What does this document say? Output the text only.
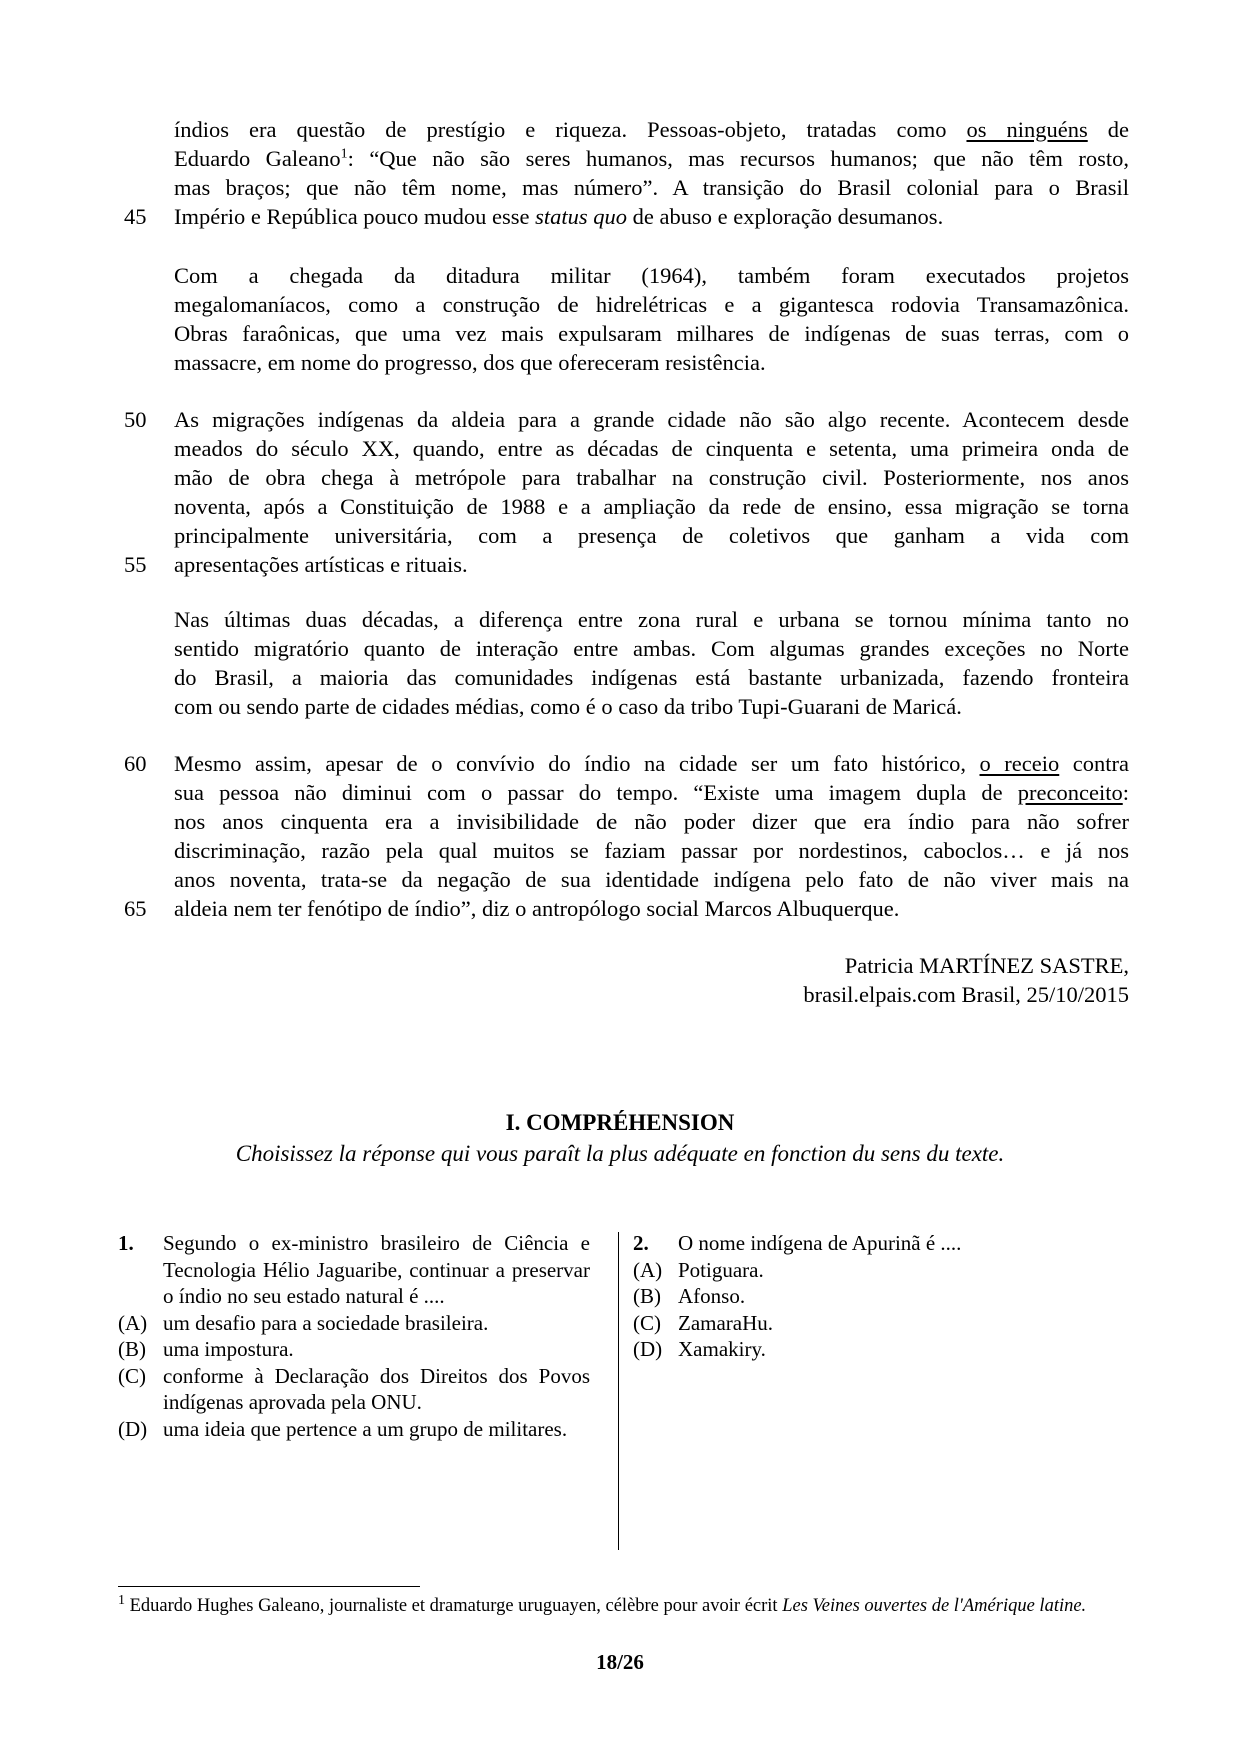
índios era questão de prestígio e riqueza. Pessoas-objeto, tratadas como os ninguéns de
Eduardo Galeano$^1$: “Que não são seres humanos, mas recursos humanos; que não têm rosto,
mas braços; que não têm nome, mas número”. A transição do Brasil colonial para o Brasil
Império e República pouco mudou esse status quo de abuso e exploração desumanos.
Com a chegada da ditadura militar (1964), também foram executados projetos
megalomaníacos, como a construção de hidrelétricas e a gigantesca rodovia Transamazônica.
Obras faraônicas, que uma vez mais expulsaram milhares de indígenas de suas terras, com o
massacre, em nome do progresso, dos que ofereceram resistência.
As migrações indígenas da aldeia para a grande cidade não são algo recente. Acontecem desde
meados do século XX, quando, entre as décadas de cinquenta e setenta, uma primeira onda de
mão de obra chega à metrópole para trabalhar na construção civil. Posteriormente, nos anos
noventa, após a Constituição de 1988 e a ampliação da rede de ensino, essa migração se torna
principalmente universitária, com a presença de coletivos que ganham a vida com
apresentações artísticas e rituais.
Nas últimas duas décadas, a diferença entre zona rural e urbana se tornou mínima tanto no
sentido migratório quanto de interação entre ambas. Com algumas grandes exceções no Norte
do Brasil, a maioria das comunidades indígenas está bastante urbanizada, fazendo fronteira
com ou sendo parte de cidades médias, como é o caso da tribo Tupi-Guarani de Maricá.
Mesmo assim, apesar de o convívio do índio na cidade ser um fato histórico, o receio contra
sua pessoa não diminui com o passar do tempo. “Existe uma imagem dupla de preconceito:
nos anos cinquenta era a invisibilidade de não poder dizer que era índio para não sofrer
discriminação, razão pela qual muitos se faziam passar por nordestinos, caboclos… e já nos
anos noventa, trata-se da negação de sua identidade indígena pelo fato de não viver mais na
aldeia nem ter fenótipo de índio”, diz o antropólogo social Marcos Albuquerque.
45
50
55
60
65
Patricia MARTÍNEZ SASTRE,
brasil.elpais.com Brasil, 25/10/2015
I. COMPRÉHENSION
Choisissez la réponse qui vous paraît la plus adéquate en fonction du sens du texte.
1.	Segundo o ex-ministro brasileiro de Ciência e Tecnologia Hélio Jaguaribe, continuar a preservar o índio no seu estado natural é ....
(A) um desafio para a sociedade brasileira.
(B) uma impostura.
(C) conforme à Declaração dos Direitos dos Povos indígenas aprovada pela ONU.
(D) uma ideia que pertence a um grupo de militares.
2.	O nome indígena de Apurinã é ....
(A) Potiguara.
(B) Afonso.
(C) ZamaraHu.
(D) Xamakiry.
$^1$ Eduardo Hughes Galeano, journaliste et dramaturge uruguayen, célèbre pour avoir écrit Les Veines ouvertes de l'Amérique latine.
18/26
